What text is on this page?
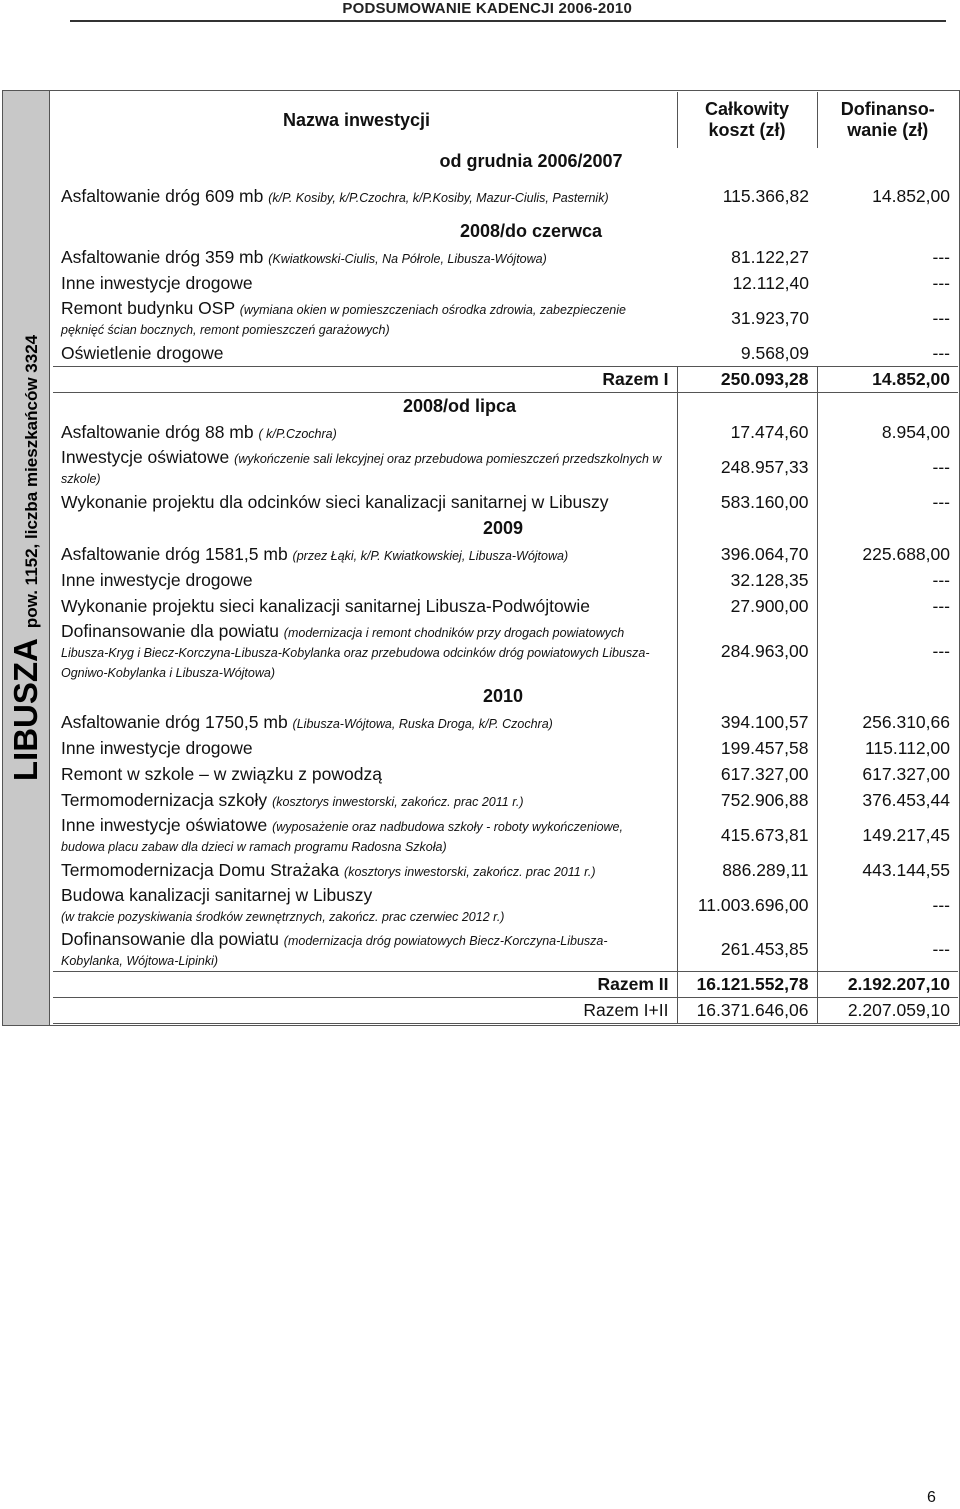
PODSUMOWANIE KADENCJI 2006-2010
LIBUSZApow. 1152, liczba mieszkańców 3324
Nazwa inwestycji	Całkowity koszt (zł)	Dofinanso-wanie (zł)
od grudnia 2006/2007		
Asfaltowanie dróg 609 mb (k/P. Kosiby, k/P.Czochra, k/P.Kosiby, Mazur-Ciulis, Pasternik)	115.366,82	14.852,00
2008/do czerwca		
Asfaltowanie dróg 359 mb (Kwiatkowski-Ciulis, Na Półrole, Libusza-Wójtowa)	81.122,27	---
Inne inwestycje drogowe	12.112,40	---
Remont budynku OSP (wymiana okien w pomieszczeniach ośrodka zdrowia, zabezpieczenie pęknięć ścian bocznych, remont pomieszczeń garażowych)	31.923,70	---
Oświetlenie drogowe	9.568,09	---
Razem I	250.093,28	14.852,00
2008/od lipca		
Asfaltowanie dróg 88 mb ( k/P.Czochra)	17.474,60	8.954,00
Inwestycje oświatowe (wykończenie sali lekcyjnej oraz przebudowa pomieszczeń przedszkolnych w szkole)	248.957,33	---
Wykonanie projektu dla odcinków sieci kanalizacji sanitarnej w Libuszy	583.160,00	---
2009		
Asfaltowanie dróg 1581,5 mb (przez Łąki, k/P. Kwiatkowskiej, Libusza-Wójtowa)	396.064,70	225.688,00
Inne inwestycje drogowe	32.128,35	---
Wykonanie projektu sieci kanalizacji sanitarnej Libusza-Podwójtowie	27.900,00	---
Dofinansowanie dla powiatu (modernizacja i remont chodników przy drogach powiatowych Libusza-Kryg i Biecz-Korczyna-Libusza-Kobylanka oraz przebudowa odcinków dróg powiatowych Libusza-Ogniwo-Kobylanka i Libusza-Wójtowa)	284.963,00	---
2010		
Asfaltowanie dróg 1750,5 mb (Libusza-Wójtowa, Ruska Droga, k/P. Czochra)	394.100,57	256.310,66
Inne inwestycje drogowe	199.457,58	115.112,00
Remont w szkole – w związku z powodzą	617.327,00	617.327,00
Termomodernizacja szkoły (kosztorys inwestorski, zakończ. prac 2011 r.)	752.906,88	376.453,44
Inne inwestycje oświatowe (wyposażenie oraz nadbudowa szkoły - roboty wykończeniowe, budowa placu zabaw dla dzieci w ramach programu Radosna Szkoła)	415.673,81	149.217,45
Termomodernizacja Domu Strażaka (kosztorys inwestorski, zakończ. prac 2011 r.)	886.289,11	443.144,55
Budowa kanalizacji sanitarnej w Libuszy
(w trakcie pozyskiwania środków zewnętrznych, zakończ. prac czerwiec 2012 r.)	11.003.696,00	---
Dofinansowanie dla powiatu (modernizacja dróg powiatowych Biecz-Korczyna-Libusza-Kobylanka, Wójtowa-Lipinki)	261.453,85	---
Razem II	16.121.552,78	2.192.207,10
Razem I+II	16.371.646,06	2.207.059,10
6
